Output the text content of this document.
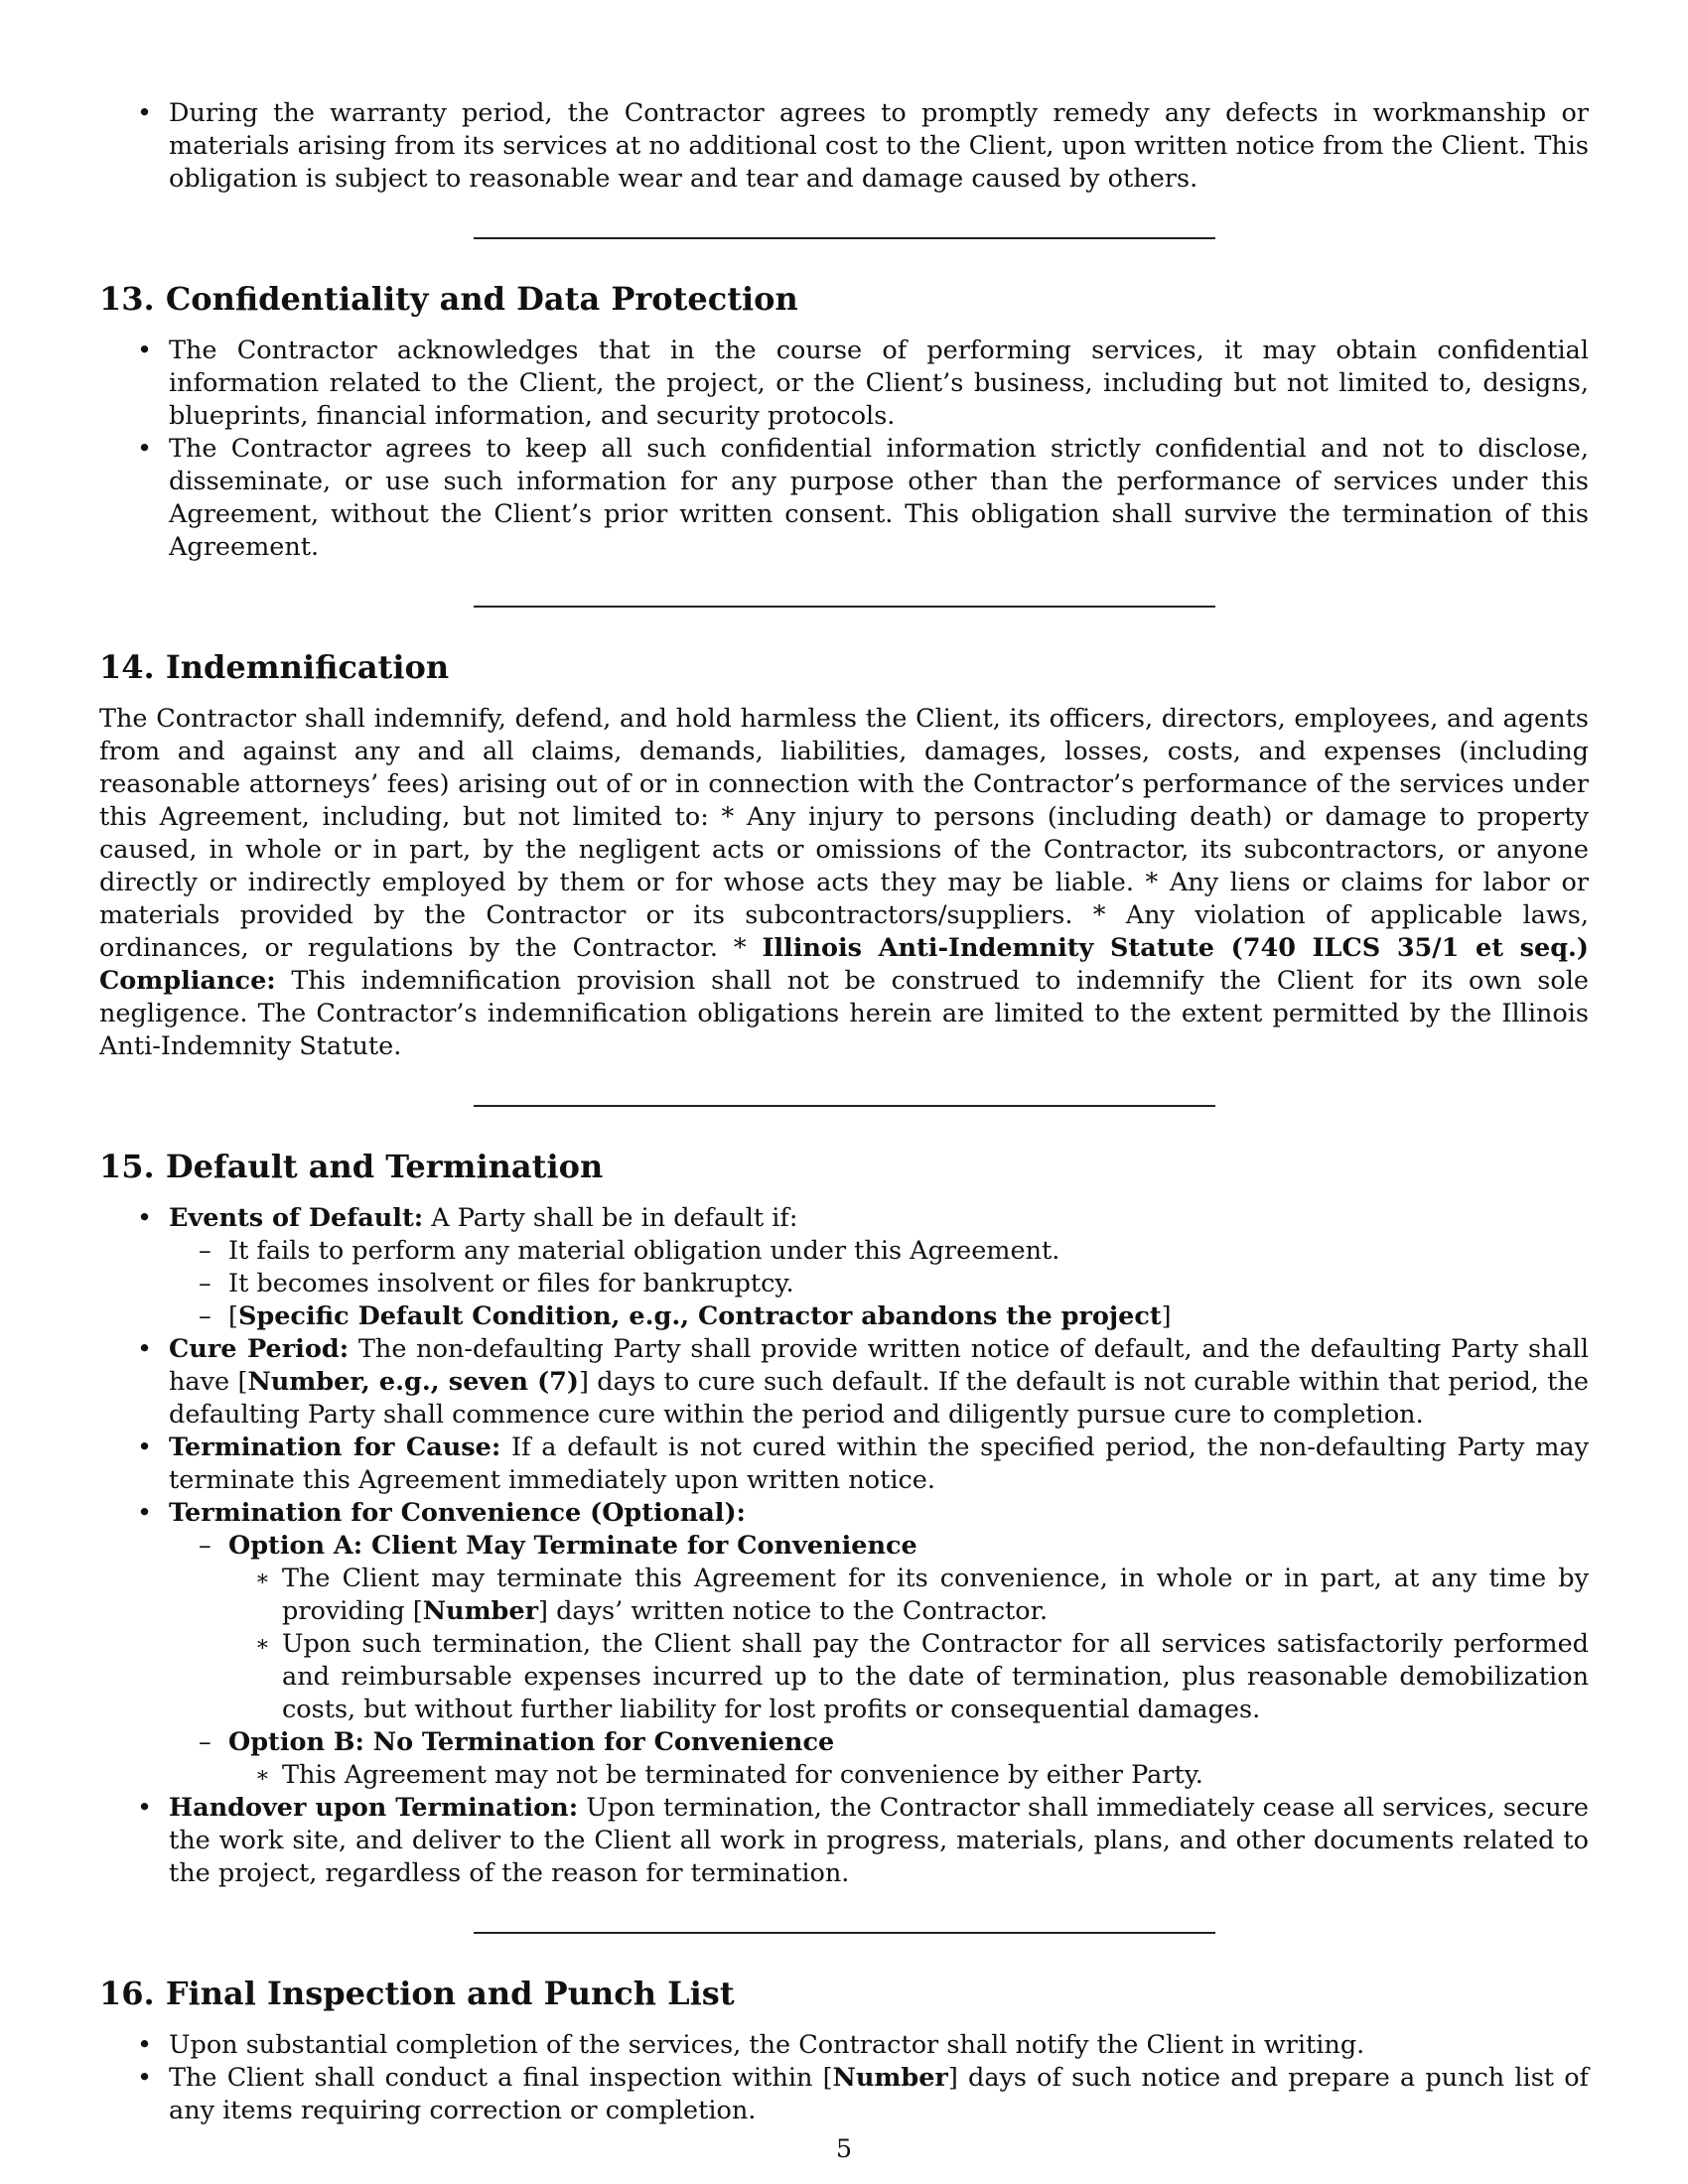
• During the warranty period, the Contractor agrees to promptly remedy any defects in workmanship or materials arising from its services at no additional cost to the Client, upon written notice from the Client. This obligation is subject to reasonable wear and tear and damage caused by others.
13. Confidentiality and Data Protection
• The Contractor acknowledges that in the course of performing services, it may obtain confidential information related to the Client, the project, or the Client’s business, including but not limited to, designs, blueprints, financial information, and security protocols.
• The Contractor agrees to keep all such confidential information strictly confidential and not to disclose, disseminate, or use such information for any purpose other than the performance of services under this Agreement, without the Client’s prior written consent. This obligation shall survive the termination of this Agreement.
14. Indemnification

The Contractor shall indemnify, defend, and hold harmless the Client, its officers, directors, employees, and agents from and against any and all claims, demands, liabilities, damages, losses, costs, and expenses (including reasonable attorneys’ fees) arising out of or in connection with the Contractor’s performance of the services under this Agreement, including, but not limited to: * Any injury to persons (including death) or damage to property caused, in whole or in part, by the negligent acts or omissions of the Contractor, its subcontractors, or anyone directly or indirectly employed by them or for whose acts they may be liable. * Any liens or claims for labor or materials provided by the Contractor or its subcontractors/suppliers. * Any violation of applicable laws, ordinances, or regulations by the Contractor. * Illinois Anti-Indemnity Statute (740 ILCS 35/1 et seq.) Compliance: This indemnification provision shall not be construed to indemnify the Client for its own sole negligence. The Contractor’s indemnification obligations herein are limited to the extent permitted by the Illinois Anti-Indemnity Statute.

15. Default and Termination
• Events of Default: A Party shall be in default if:
– It fails to perform any material obligation under this Agreement.
– It becomes insolvent or files for bankruptcy.
– [Specific Default Condition, e.g., Contractor abandons the project]
• Cure Period: The non-defaulting Party shall provide written notice of default, and the defaulting Party shall have [Number, e.g., seven (7)] days to cure such default. If the default is not curable within that period, the defaulting Party shall commence cure within the period and diligently pursue cure to completion.
• Termination for Cause: If a default is not cured within the specified period, the non-defaulting Party may terminate this Agreement immediately upon written notice.
• Termination for Convenience (Optional):
– Option A: Client May Terminate for Convenience
∗ The Client may terminate this Agreement for its convenience, in whole or in part, at any time by providing [Number] days’ written notice to the Contractor.
∗ Upon such termination, the Client shall pay the Contractor for all services satisfactorily performed and reimbursable expenses incurred up to the date of termination, plus reasonable demobilization costs, but without further liability for lost profits or consequential damages.
– Option B: No Termination for Convenience
∗ This Agreement may not be terminated for convenience by either Party.
• Handover upon Termination: Upon termination, the Contractor shall immediately cease all services, secure the work site, and deliver to the Client all work in progress, materials, plans, and other documents related to the project, regardless of the reason for termination.
16. Final Inspection and Punch List
• Upon substantial completion of the services, the Contractor shall notify the Client in writing.
• The Client shall conduct a final inspection within [Number] days of such notice and prepare a punch list of any items requiring correction or completion.
5
